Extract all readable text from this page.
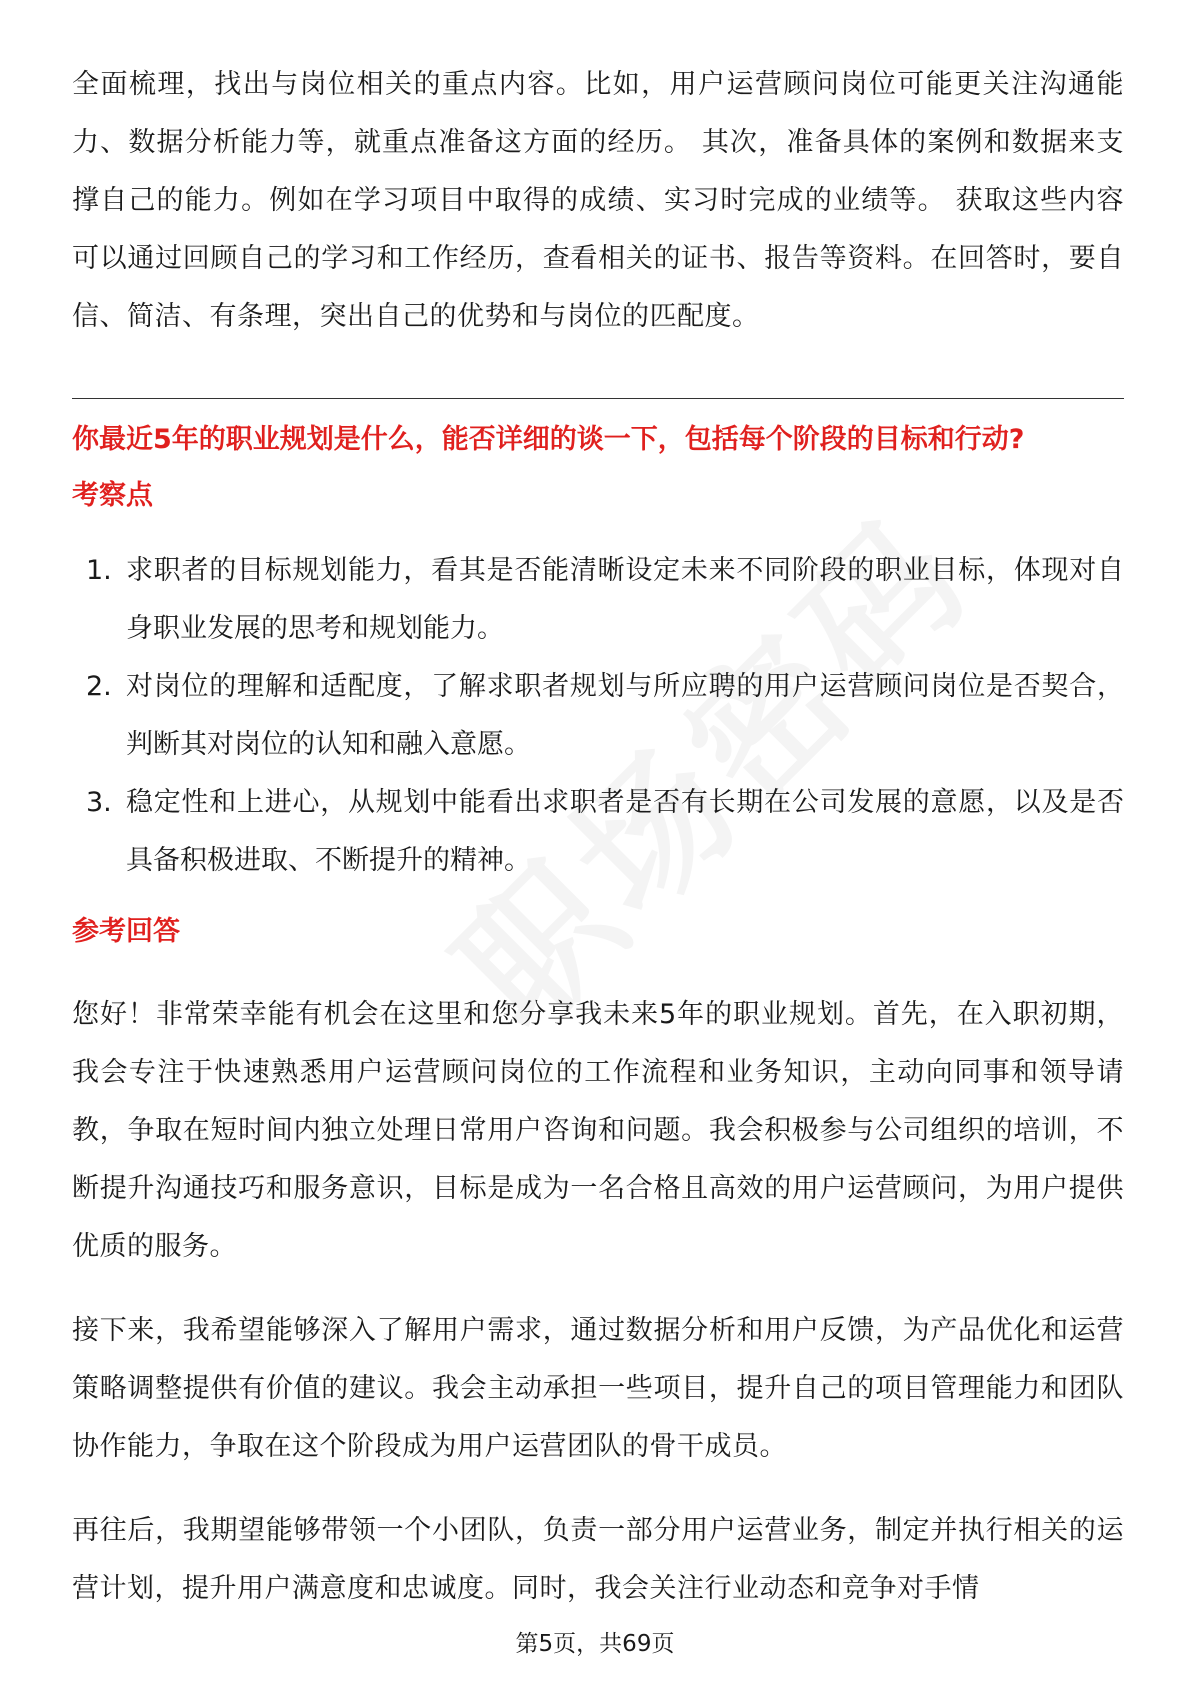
全面梳理，找出与岗位相关的重点内容。比如，用户运营顾问岗位可能更关注沟通能力、数据分析能力等，就重点准备这方面的经历。 其次，准备具体的案例和数据来支撑自己的能力。例如在学习项目中取得的成绩、实习时完成的业绩等。 获取这些内容可以通过回顾自己的学习和工作经历，查看相关的证书、报告等资料。在回答时，要自信、简洁、有条理，突出自己的优势和与岗位的匹配度。

你最近5年的职业规划是什么，能否详细的谈一下，包括每个阶段的目标和行动?

考察点

1. 求职者的目标规划能力，看其是否能清晰设定未来不同阶段的职业目标，体现对自身职业发展的思考和规划能力。
2. 对岗位的理解和适配度，了解求职者规划与所应聘的用户运营顾问岗位是否契合，判断其对岗位的认知和融入意愿。
3. 稳定性和上进心，从规划中能看出求职者是否有长期在公司发展的意愿，以及是否具备积极进取、不断提升的精神。

参考回答

您好！非常荣幸能有机会在这里和您分享我未来5年的职业规划。首先，在入职初期，我会专注于快速熟悉用户运营顾问岗位的工作流程和业务知识，主动向同事和领导请教，争取在短时间内独立处理日常用户咨询和问题。我会积极参与公司组织的培训，不断提升沟通技巧和服务意识，目标是成为一名合格且高效的用户运营顾问，为用户提供优质的服务。

接下来，我希望能够深入了解用户需求，通过数据分析和用户反馈，为产品优化和运营策略调整提供有价值的建议。我会主动承担一些项目，提升自己的项目管理能力和团队协作能力，争取在这个阶段成为用户运营团队的骨干成员。

再往后，我期望能够带领一个小团队，负责一部分用户运营业务，制定并执行相关的运营计划，提升用户满意度和忠诚度。同时，我会关注行业动态和竞争对手情

第5页，共69页
